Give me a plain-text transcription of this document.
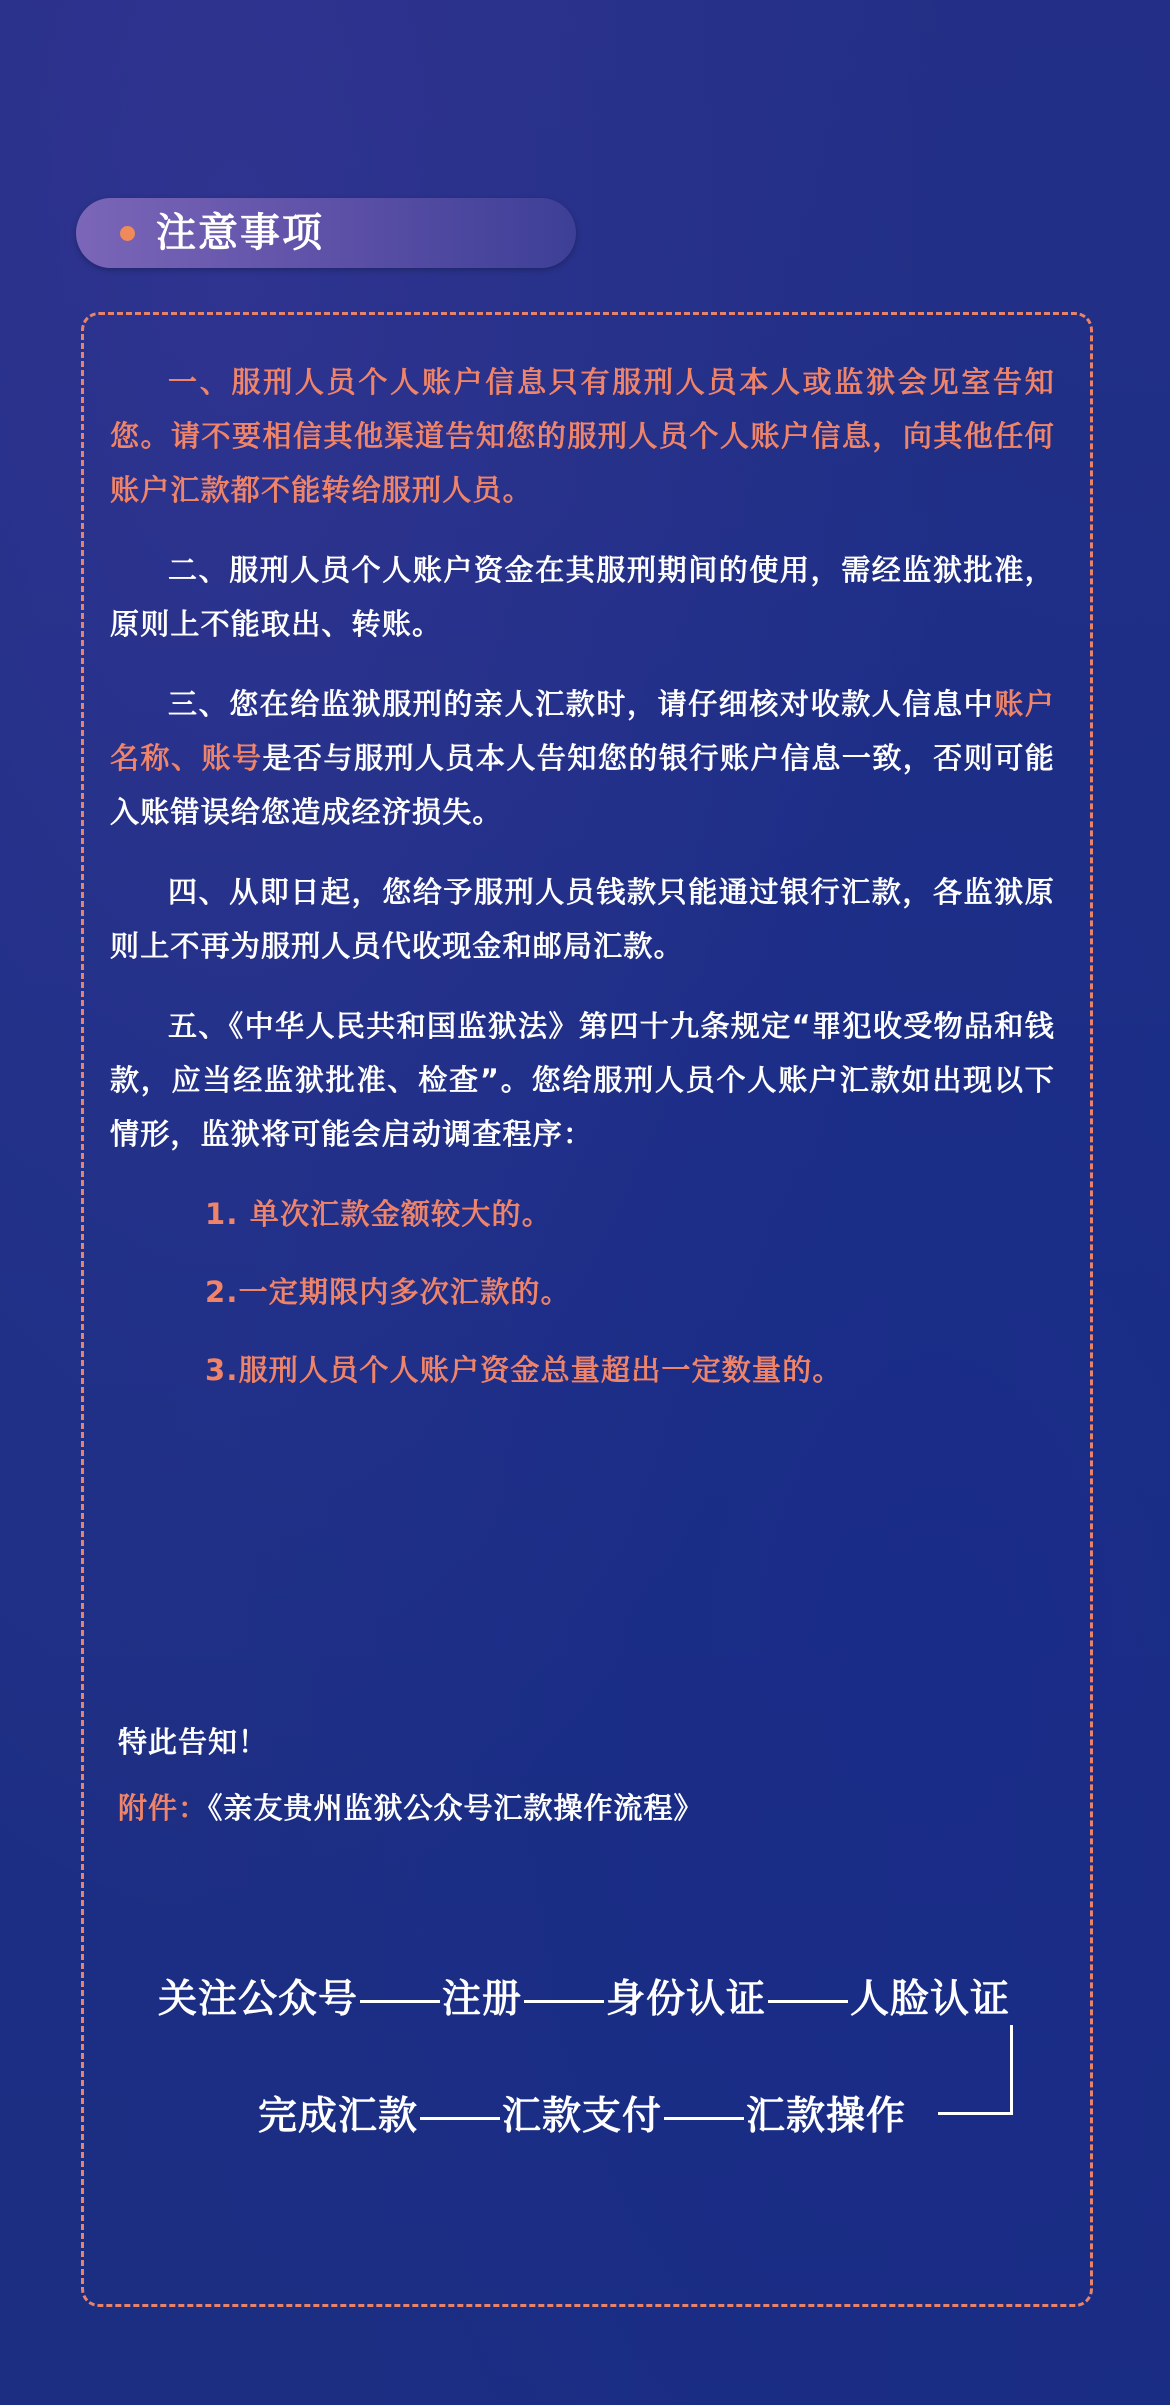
注意事项

一、服刑人员个人账户信息只有服刑人员本人或监狱会见室告知您。请不要相信其他渠道告知您的服刑人员个人账户信息，向其他任何账户汇款都不能转给服刑人员。

二、服刑人员个人账户资金在其服刑期间的使用，需经监狱批准，原则上不能取出、转账。

三、您在给监狱服刑的亲人汇款时，请仔细核对收款人信息中账户名称、账号是否与服刑人员本人告知您的银行账户信息一致，否则可能入账错误给您造成经济损失。

四、从即日起，您给予服刑人员钱款只能通过银行汇款，各监狱原则上不再为服刑人员代收现金和邮局汇款。

五、《中华人民共和国监狱法》第四十九条规定“罪犯收受物品和钱款，应当经监狱批准、检查”。您给服刑人员个人账户汇款如出现以下情形，监狱将可能会启动调查程序：

1. 单次汇款金额较大的。
2.一定期限内多次汇款的。
3.服刑人员个人账户资金总量超出一定数量的。
特此告知！
附件：《亲友贵州监狱公众号汇款操作流程》
关注公众号 注册 身份认证 人脸认证
完成汇款 汇款支付 汇款操作
